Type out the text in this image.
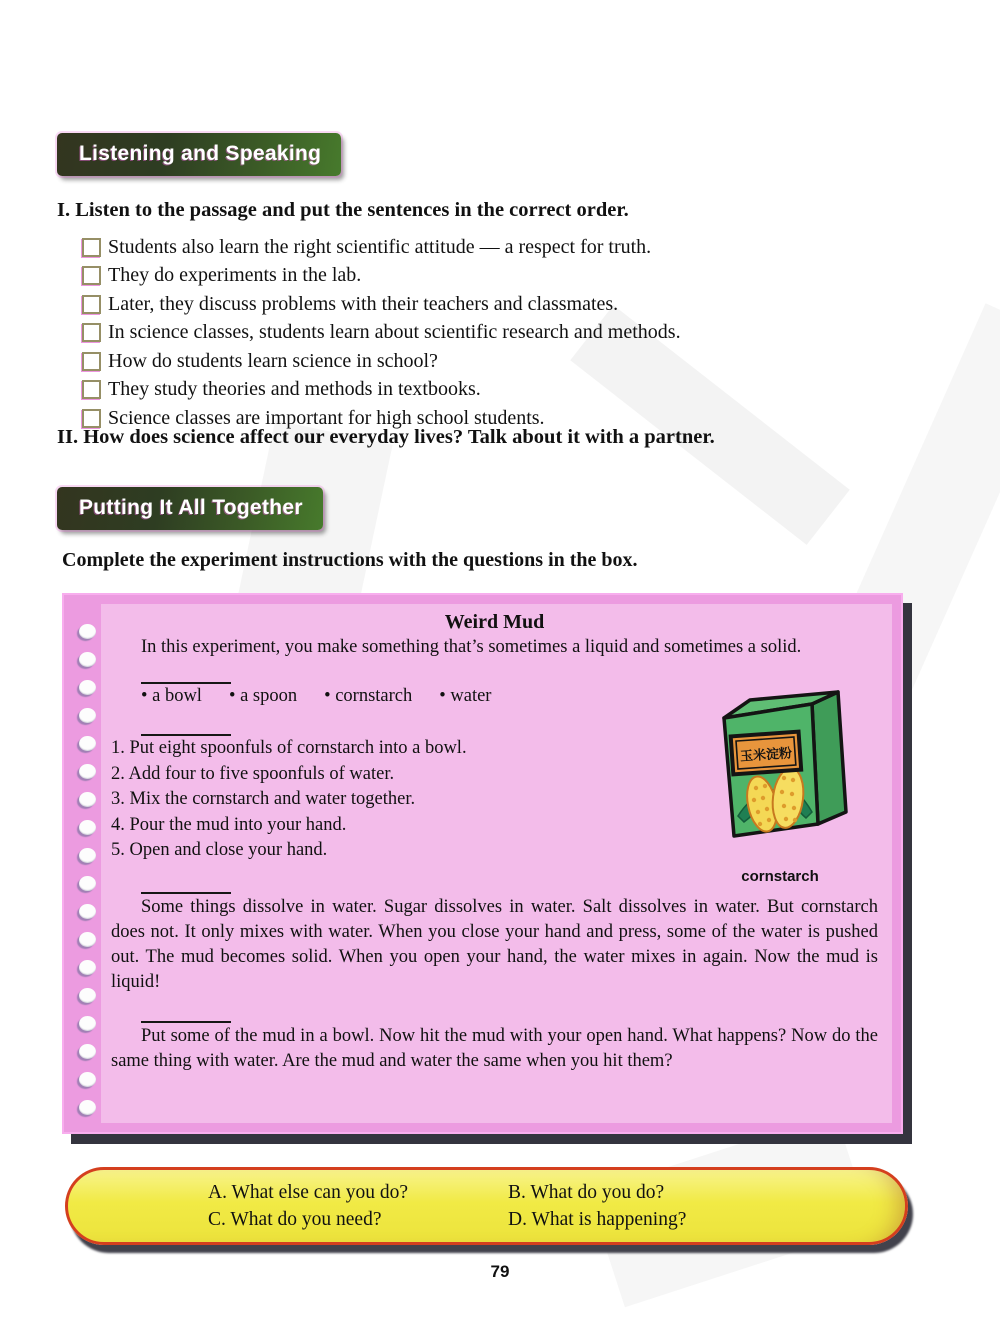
Listening and Speaking
I. Listen to the passage and put the sentences in the correct order.
Students also learn the right scientific attitude — a respect for truth.
They do experiments in the lab.
Later, they discuss problems with their teachers and classmates.
In science classes, students learn about scientific research and methods.
How do students learn science in school?
They study theories and methods in textbooks.
Science classes are important for high school students.
II. How does science affect our everyday lives? Talk about it with a partner.
Putting It All Together
Complete the experiment instructions with the questions in the box.
Weird Mud
In this experiment, you make something that’s sometimes a liquid and sometimes a solid.
• a bowl	• a spoon	• cornstarch	• water
1. Put eight spoonfuls of cornstarch into a bowl.
2. Add four to five spoonfuls of water.
3. Mix the cornstarch and water together.
4. Pour the mud into your hand.
5. Open and close your hand.
Some things dissolve in water. Sugar dissolves in water. Salt dissolves in water. But cornstarch does not. It only mixes with water. When you close your hand and press, some of the water is pushed out. The mud becomes solid. When you open your hand, the water mixes in again. Now the mud is liquid!
Put some of the mud in a bowl. Now hit the mud with your open hand. What happens? Now do the same thing with water. Are the mud and water the same when you hit them?
玉米淀粉
cornstarch
A. What else can you do?	B. What do you do?
C. What do you need?	D. What is happening?
79
